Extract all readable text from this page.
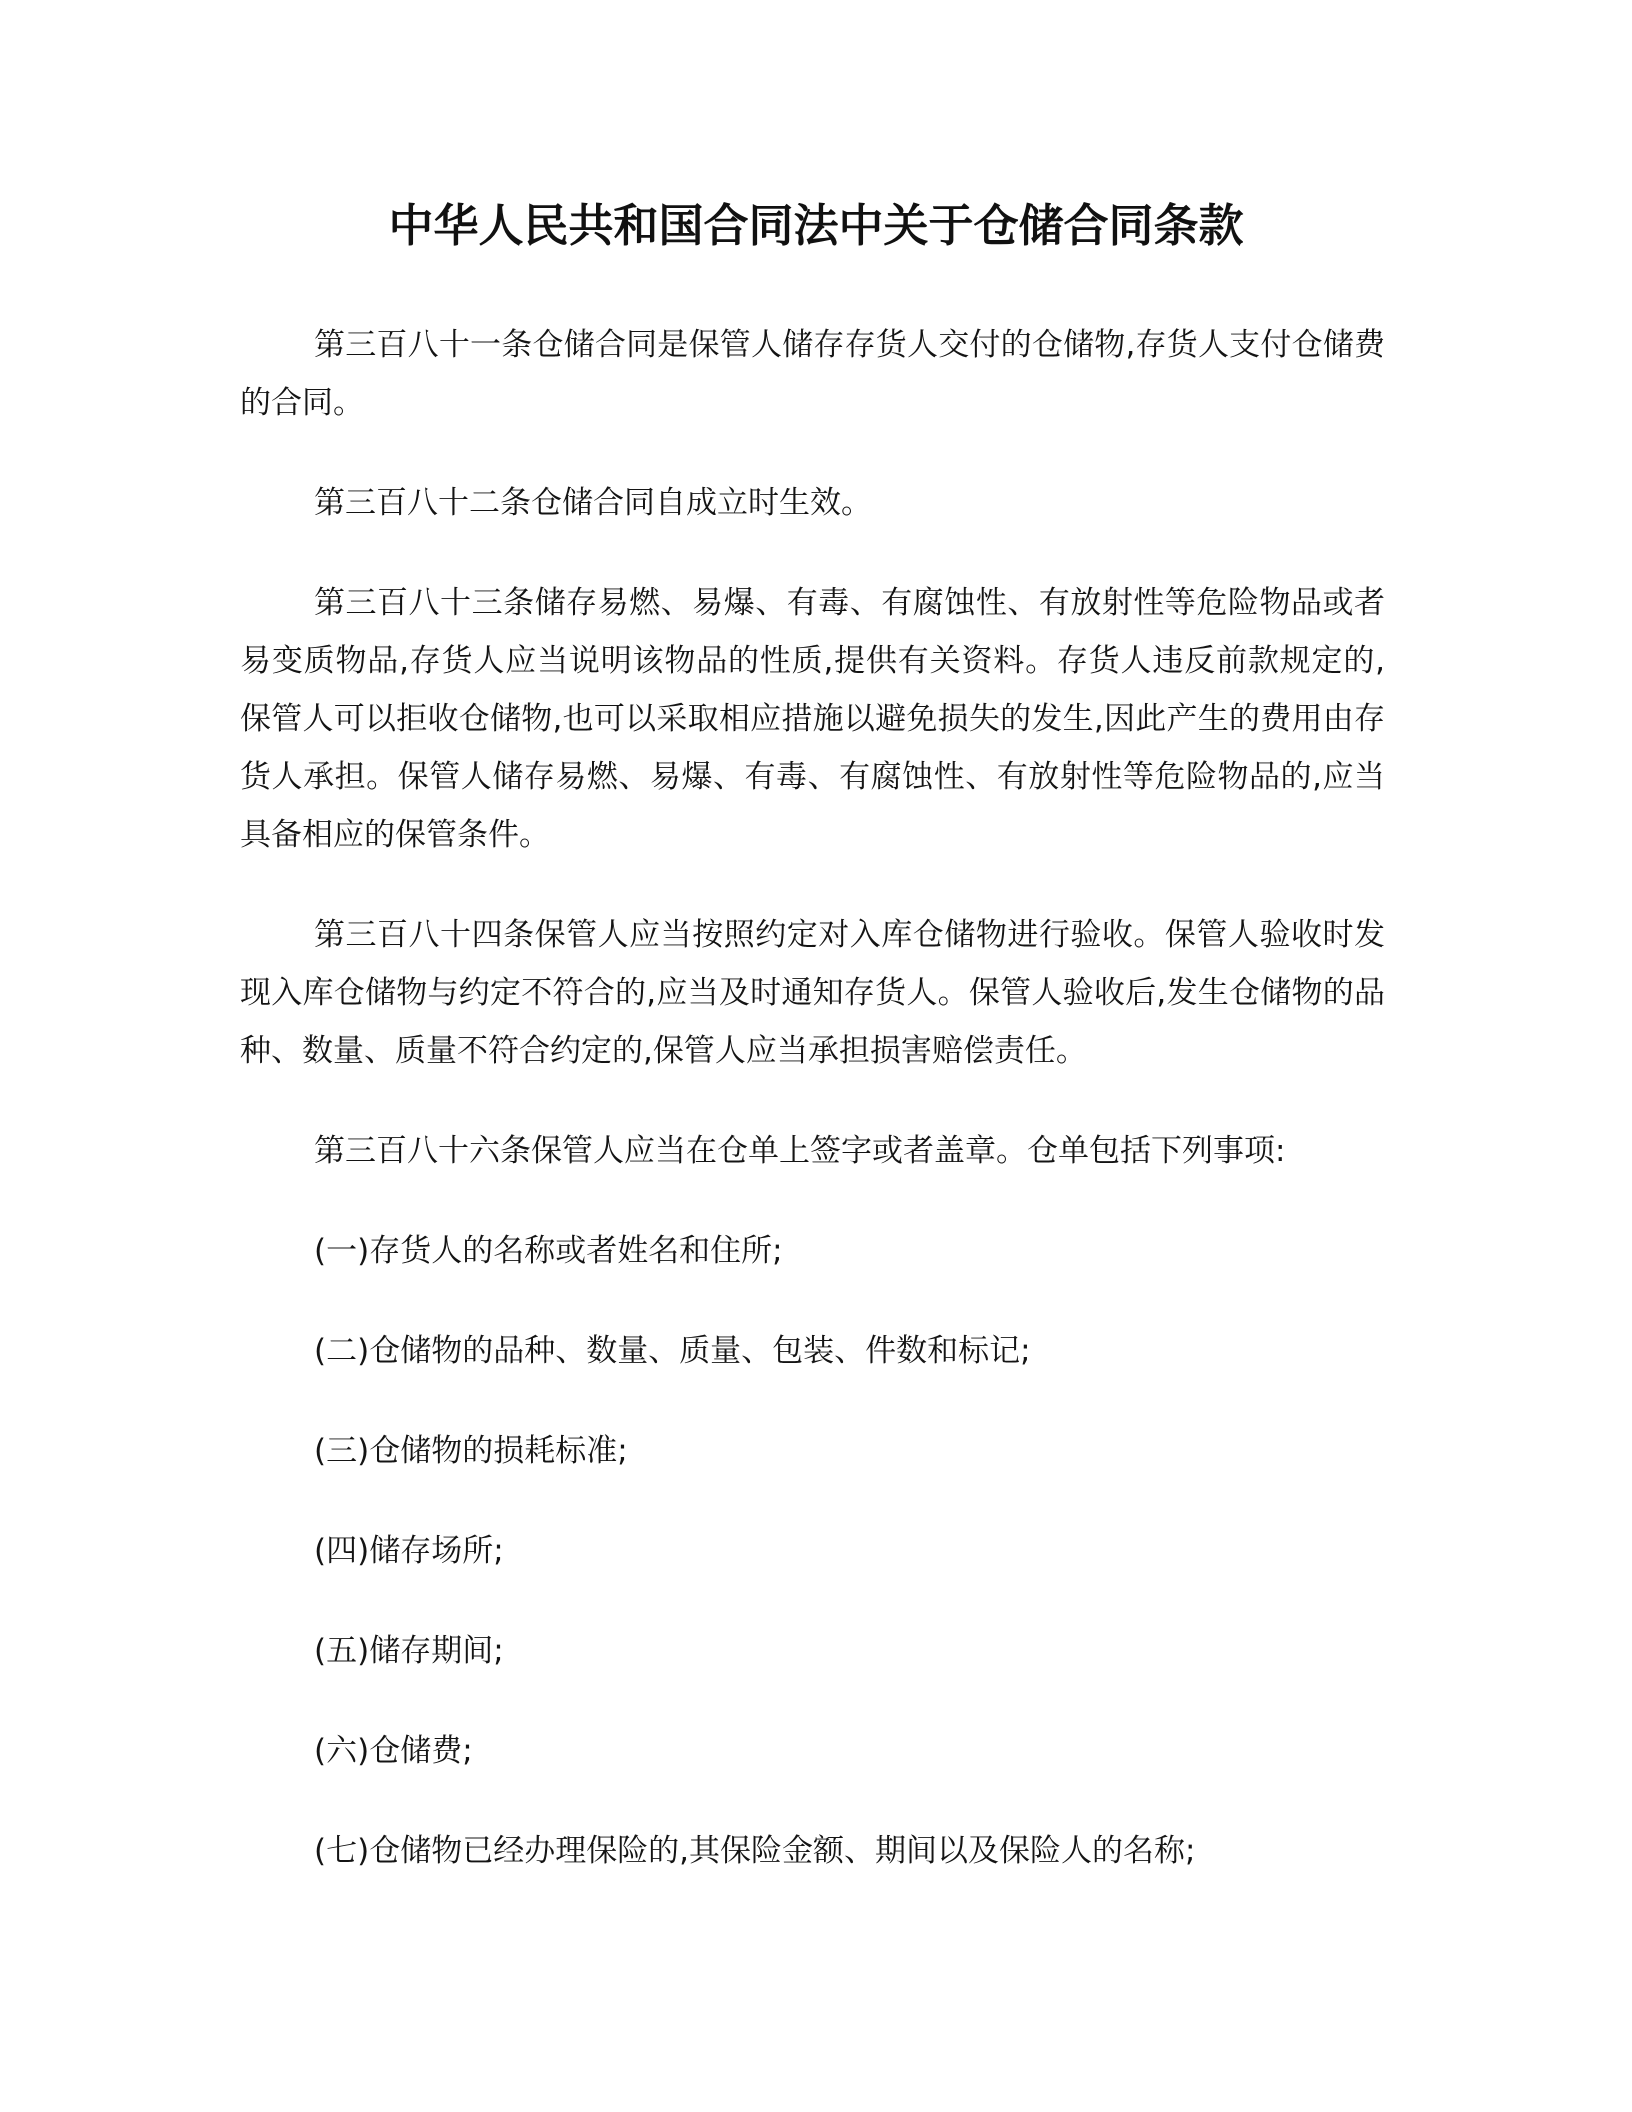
中华人民共和国合同法中关于仓储合同条款

第三百八十一条仓储合同是保管人储存存货人交付的仓储物,存货人支付仓储费的合同。

第三百八十二条仓储合同自成立时生效。

第三百八十三条储存易燃、易爆、有毒、有腐蚀性、有放射性等危险物品或者易变质物品,存货人应当说明该物品的性质,提供有关资料。存货人违反前款规定的,保管人可以拒收仓储物,也可以采取相应措施以避免损失的发生,因此产生的费用由存货人承担。保管人储存易燃、易爆、有毒、有腐蚀性、有放射性等危险物品的,应当具备相应的保管条件。

第三百八十四条保管人应当按照约定对入库仓储物进行验收。保管人验收时发现入库仓储物与约定不符合的,应当及时通知存货人。保管人验收后,发生仓储物的品种、数量、质量不符合约定的,保管人应当承担损害赔偿责任。

第三百八十六条保管人应当在仓单上签字或者盖章。仓单包括下列事项:

(一)存货人的名称或者姓名和住所;

(二)仓储物的品种、数量、质量、包装、件数和标记;

(三)仓储物的损耗标准;

(四)储存场所;

(五)储存期间;

(六)仓储费;

(七)仓储物已经办理保险的,其保险金额、期间以及保险人的名称;
